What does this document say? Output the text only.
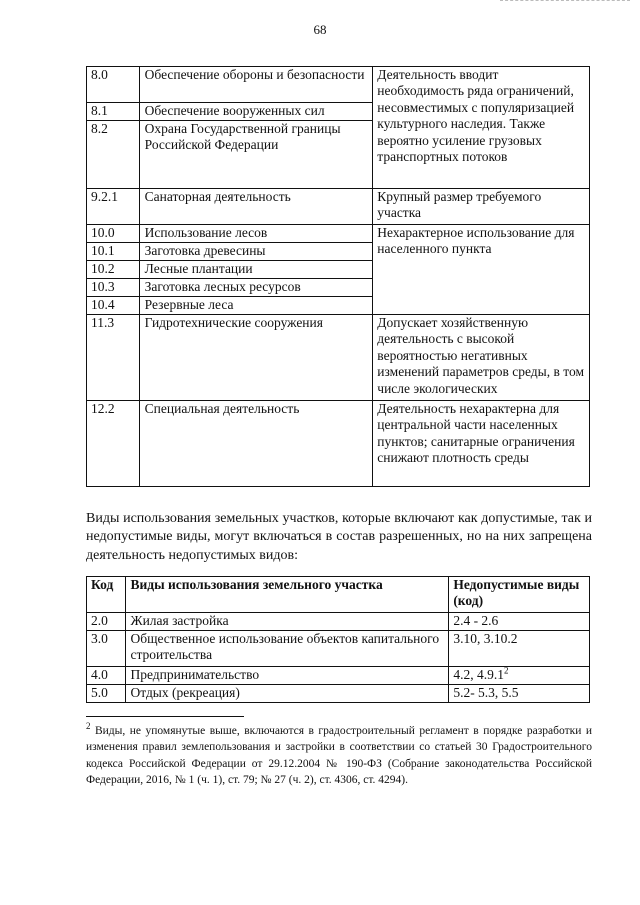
68
8.0	Обеспечение обороны и безопасности	Деятельность вводит необходимость ряда ограничений, несовместимых с популяризацией культурного наследия. Также вероятно усиление грузовых транспортных потоков
8.1	Обеспечение вооруженных сил	
8.2	Охрана Государственной границы Российской Федерации	
9.2.1	Санаторная деятельность	Крупный размер требуемого участка
10.0	Использование лесов	Нехарактерное использование для населенного пункта
10.1	Заготовка древесины	
10.2	Лесные плантации	
10.3	Заготовка лесных ресурсов	
10.4	Резервные леса	
11.3	Гидротехнические сооружения	Допускает хозяйственную деятельность с высокой вероятностью негативных изменений параметров среды, в том числе экологических
12.2	Специальная деятельность	Деятельность нехарактерна для центральной части населенных пунктов; санитарные ограничения снижают плотность среды
Виды использования земельных участков, которые включают как допустимые, так и недопустимые виды, могут включаться в состав разрешенных, но на них запрещена деятельность недопустимых видов:
Код	Виды использования земельного участка	Недопустимые виды (код)
2.0	Жилая застройка	2.4 - 2.6
3.0	Общественное использование объектов капитального строительства	3.10, 3.10.2
4.0	Предпринимательство	4.2, 4.9.1$^2$
5.0	Отдых (рекреация)	5.2- 5.3, 5.5
$^2$ Виды, не упомянутые выше, включаются в градостроительный регламент в порядке разработки и изменения правил землепользования и застройки в соответствии со статьей 30 Градостроительного кодекса Российской Федерации от 29.12.2004 № 190-ФЗ (Собрание законодательства Российской Федерации, 2016, № 1 (ч. 1), ст. 79; № 27 (ч. 2), ст. 4306, ст. 4294).
